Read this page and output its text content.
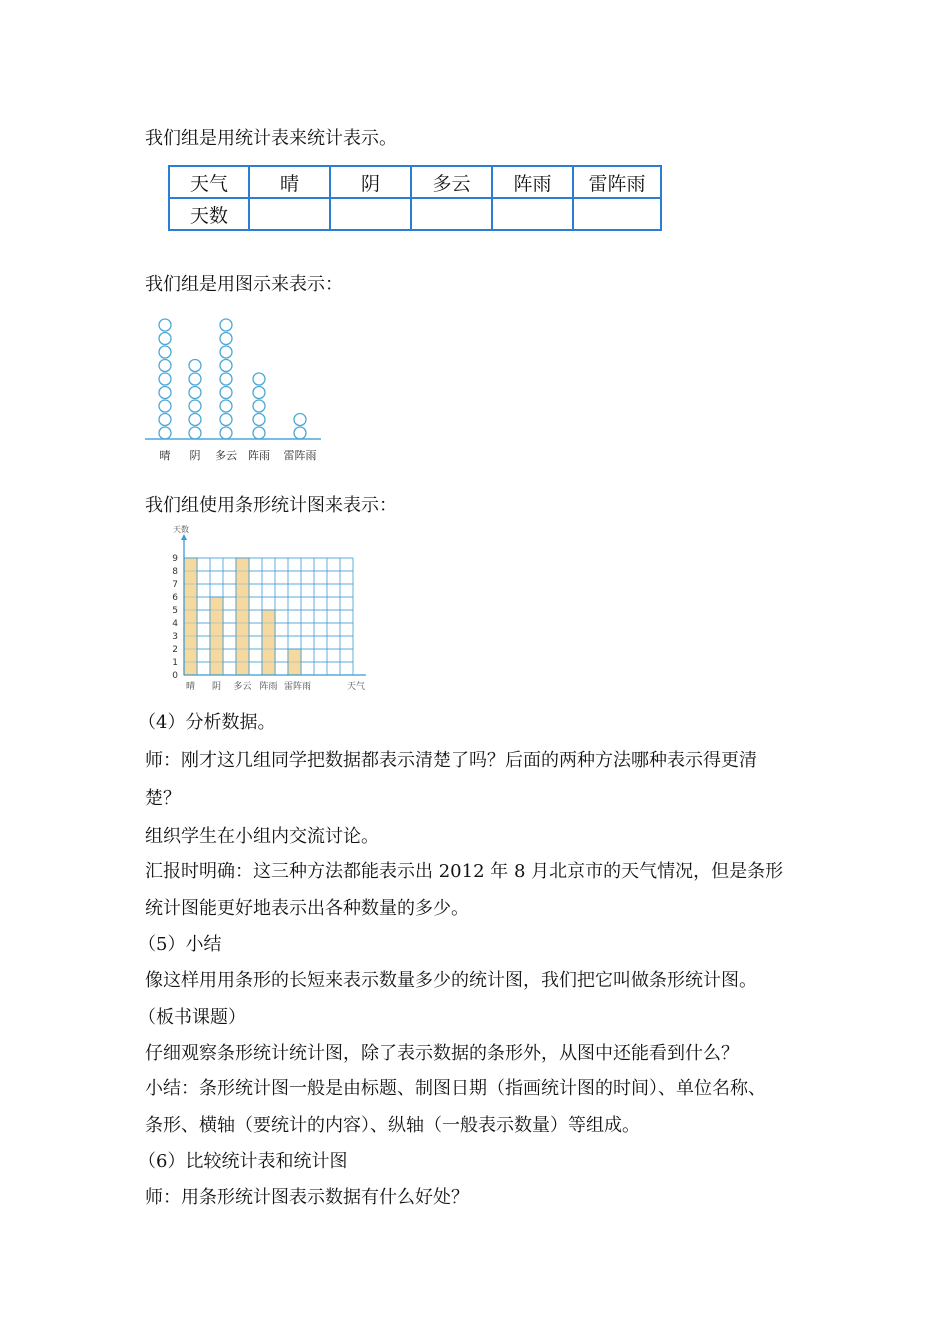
我们组是用统计表来统计表示。
天气	晴	阴	多云	阵雨	雷阵雨
天数					
我们组是用图示来表示：
晴 阴 多云 阵雨 雷阵雨
我们组使用条形统计图来表示：
0
1
2
3
4
5
6
7
8
9
天数
晴 阴 多云 阵雨 雷阵雨	天气
（4）分析数据。
师：刚才这几组同学把数据都表示清楚了吗？后面的两种方法哪种表示得更清
楚？
组织学生在小组内交流讨论。
汇报时明确：这三种方法都能表示出 2012 年 8 月北京市的天气情况，但是条形
统计图能更好地表示出各种数量的多少。
（5）小结
像这样用用条形的长短来表示数量多少的统计图，我们把它叫做条形统计图。
（板书课题）
仔细观察条形统计统计图，除了表示数据的条形外，从图中还能看到什么？
小结：条形统计图一般是由标题、制图日期（指画统计图的时间）、单位名称、
条形、横轴（要统计的内容）、纵轴（一般表示数量）等组成。
（6）比较统计表和统计图
师：用条形统计图表示数据有什么好处？
